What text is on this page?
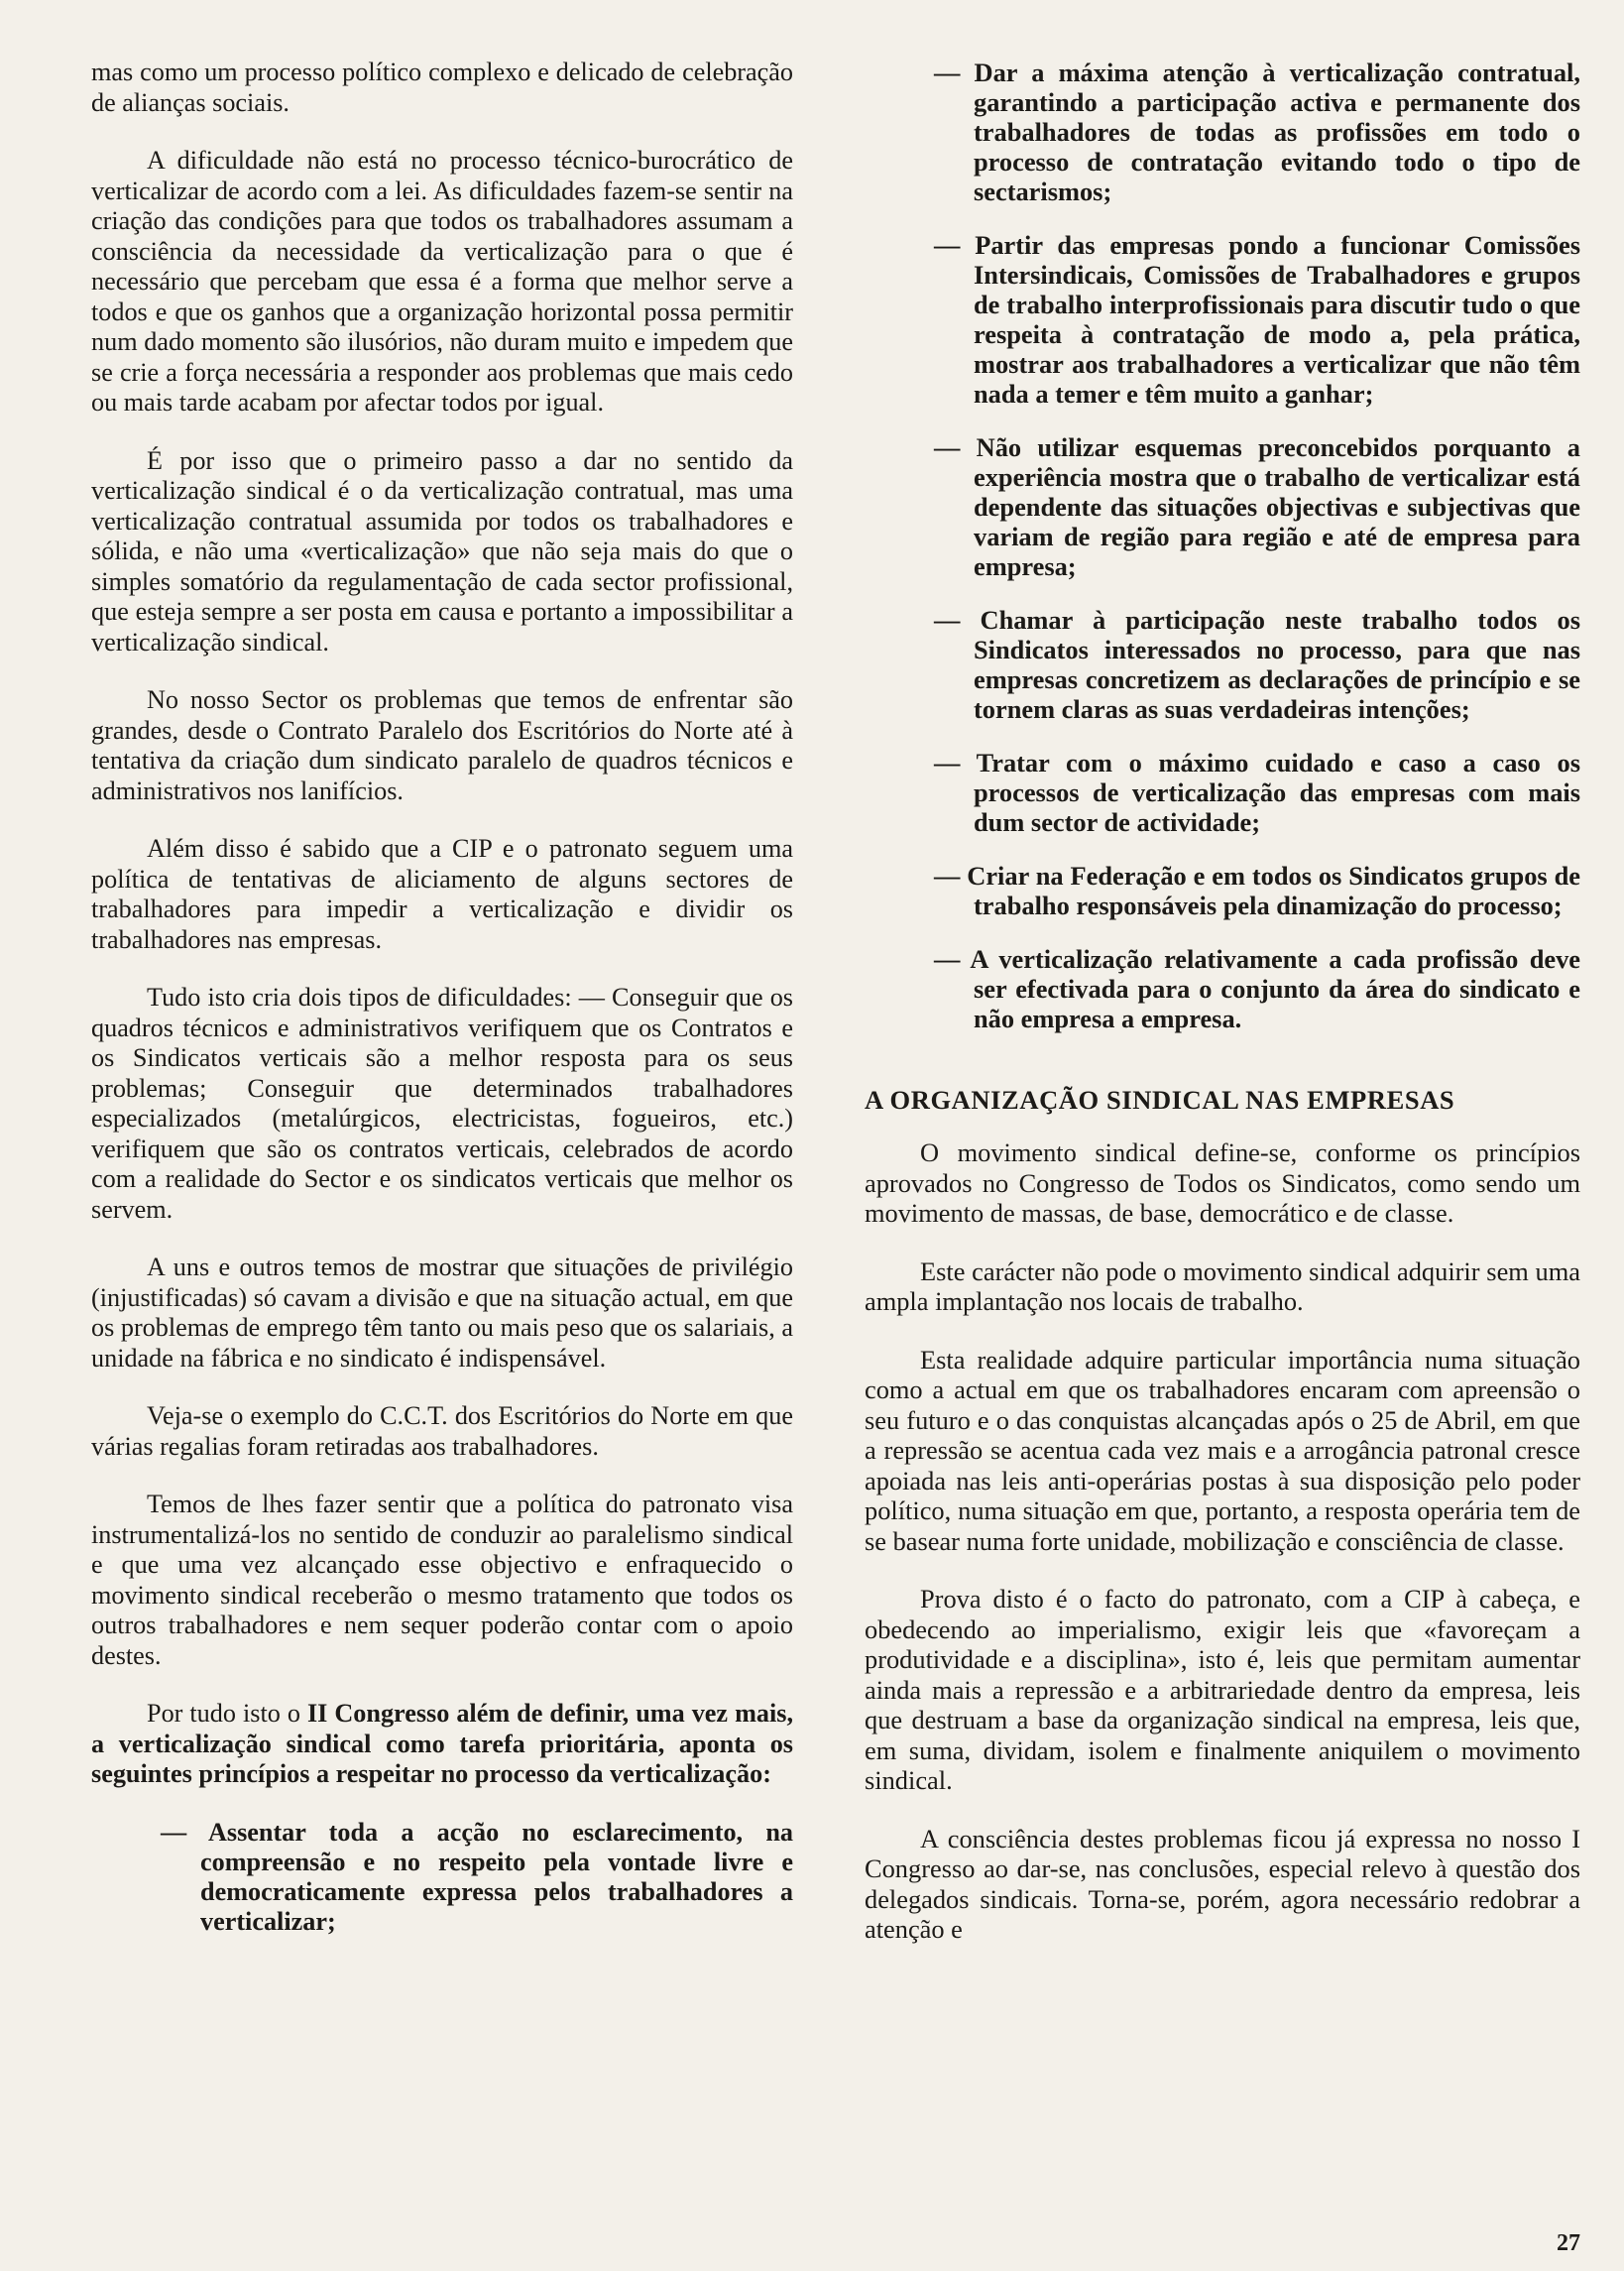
mas como um processo político complexo e delicado de celebração de alianças sociais.

A dificuldade não está no processo técnico-burocrático de verticalizar de acordo com a lei. As dificuldades fazem-se sentir na criação das condições para que todos os trabalhadores assumam a consciência da necessidade da verticalização para o que é necessário que percebam que essa é a forma que melhor serve a todos e que os ganhos que a organização horizontal possa permitir num dado momento são ilusórios, não duram muito e impedem que se crie a força necessária a responder aos problemas que mais cedo ou mais tarde acabam por afectar todos por igual.

É por isso que o primeiro passo a dar no sentido da verticalização sindical é o da verticalização contratual, mas uma verticalização contratual assumida por todos os trabalhadores e sólida, e não uma «verticalização» que não seja mais do que o simples somatório da regulamentação de cada sector profissional, que esteja sempre a ser posta em causa e portanto a impossibilitar a verticalização sindical.

No nosso Sector os problemas que temos de enfrentar são grandes, desde o Contrato Paralelo dos Escritórios do Norte até à tentativa da criação dum sindicato paralelo de quadros técnicos e administrativos nos lanifícios.

Além disso é sabido que a CIP e o patronato seguem uma política de tentativas de aliciamento de alguns sectores de trabalhadores para impedir a verticalização e dividir os trabalhadores nas empresas.

Tudo isto cria dois tipos de dificuldades: — Conseguir que os quadros técnicos e administrativos verifiquem que os Contratos e os Sindicatos verticais são a melhor resposta para os seus problemas; Conseguir que determinados trabalhadores especializados (metalúrgicos, electricistas, fogueiros, etc.) verifiquem que são os contratos verticais, celebrados de acordo com a realidade do Sector e os sindicatos verticais que melhor os servem.

A uns e outros temos de mostrar que situações de privilégio (injustificadas) só cavam a divisão e que na situação actual, em que os problemas de emprego têm tanto ou mais peso que os salariais, a unidade na fábrica e no sindicato é indispensável.

Veja-se o exemplo do C.C.T. dos Escritórios do Norte em que várias regalias foram retiradas aos trabalhadores.

Temos de lhes fazer sentir que a política do patronato visa instrumentalizá-los no sentido de conduzir ao paralelismo sindical e que uma vez alcançado esse objectivo e enfraquecido o movimento sindical receberão o mesmo tratamento que todos os outros trabalhadores e nem sequer poderão contar com o apoio destes.

Por tudo isto o II Congresso além de definir, uma vez mais, a verticalização sindical como tarefa prioritária, aponta os seguintes princípios a respeitar no processo da verticalização:

— Assentar toda a acção no esclarecimento, na compreensão e no respeito pela vontade livre e democraticamente expressa pelos trabalhadores a verticalizar;

— Dar a máxima atenção à verticalização contratual, garantindo a participação activa e permanente dos trabalhadores de todas as profissões em todo o processo de contratação evitando todo o tipo de sectarismos;

— Partir das empresas pondo a funcionar Comissões Intersindicais, Comissões de Trabalhadores e grupos de trabalho interprofissionais para discutir tudo o que respeita à contratação de modo a, pela prática, mostrar aos trabalhadores a verticalizar que não têm nada a temer e têm muito a ganhar;

— Não utilizar esquemas preconcebidos porquanto a experiência mostra que o trabalho de verticalizar está dependente das situações objectivas e subjectivas que variam de região para região e até de empresa para empresa;

— Chamar à participação neste trabalho todos os Sindicatos interessados no processo, para que nas empresas concretizem as declarações de princípio e se tornem claras as suas verdadeiras intenções;

— Tratar com o máximo cuidado e caso a caso os processos de verticalização das empresas com mais dum sector de actividade;

— Criar na Federação e em todos os Sindicatos grupos de trabalho responsáveis pela dinamização do processo;

— A verticalização relativamente a cada profissão deve ser efectivada para o conjunto da área do sindicato e não empresa a empresa.

A ORGANIZAÇÃO SINDICAL NAS EMPRESAS

O movimento sindical define-se, conforme os princípios aprovados no Congresso de Todos os Sindicatos, como sendo um movimento de massas, de base, democrático e de classe.

Este carácter não pode o movimento sindical adquirir sem uma ampla implantação nos locais de trabalho.

Esta realidade adquire particular importância numa situação como a actual em que os trabalhadores encaram com apreensão o seu futuro e o das conquistas alcançadas após o 25 de Abril, em que a repressão se acentua cada vez mais e a arrogância patronal cresce apoiada nas leis anti-operárias postas à sua disposição pelo poder político, numa situação em que, portanto, a resposta operária tem de se basear numa forte unidade, mobilização e consciência de classe.

Prova disto é o facto do patronato, com a CIP à cabeça, e obedecendo ao imperialismo, exigir leis que «favoreçam a produtividade e a disciplina», isto é, leis que permitam aumentar ainda mais a repressão e a arbitrariedade dentro da empresa, leis que destruam a base da organização sindical na empresa, leis que, em suma, dividam, isolem e finalmente aniquilem o movimento sindical.

A consciência destes problemas ficou já expressa no nosso I Congresso ao dar-se, nas conclusões, especial relevo à questão dos delegados sindicais. Torna-se, porém, agora necessário redobrar a atenção e

27
